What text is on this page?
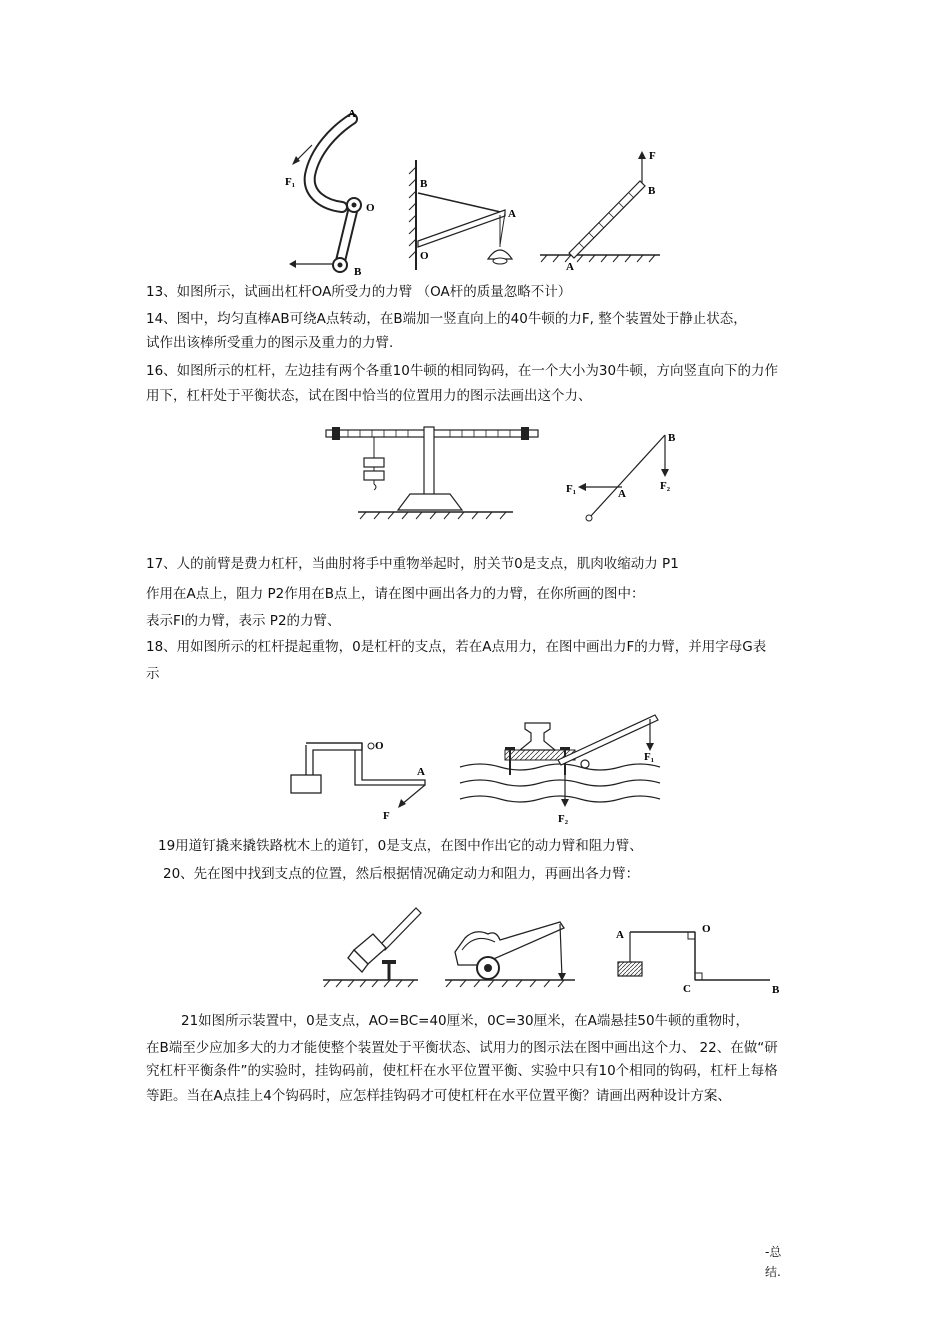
A
F₁
O
B
B
A
O
F
B
A
13、如图所示，试画出杠杆OA所受力的力臂 （OA杆的质量忽略不计）
14、图中，均匀直棒AB可绕A点转动，在B端加一竖直向上的40牛顿的力F, 整个装置处于静止状态，
试作出该棒所受重力的图示及重力的力臂.
16、如图所示的杠杆，左边挂有两个各重10牛顿的相同钩码，在一个大小为30牛顿，方向竖直向下的力作
用下，杠杆处于平衡状态，试在图中恰当的位置用力的图示法画出这个力、
B
F₂
F₁	A
17、人的前臂是费力杠杆，当曲肘将手中重物举起时，肘关节0是支点，肌肉收缩动力 P1
作用在A点上，阻力 P2作用在B点上，请在图中画出各力的力臂，在你所画的图中：
表示Fl的力臂，表示 P2的力臂、
18、用如图所示的杠杆提起重物，0是杠杆的支点，若在A点用力，在图中画出力F的力臂，并用字母G表
示
O
A
F
F₁
F₂
19用道钉撬来撬铁路枕木上的道钉，0是支点，在图中作出它的动力臂和阻力臂、
20、先在图中找到支点的位置，然后根据情况确定动力和阻力，再画出各力臂：
A	O
C	B
21如图所示装置中，0是支点，AO=BC=40厘米，0C=30厘米，在A端悬挂50牛顿的重物时，
在B端至少应加多大的力才能使整个装置处于平衡状态、试用力的图示法在图中画出这个力、 22、在做“研
究杠杆平衡条件”的实验时，挂钩码前，使杠杆在水平位置平衡、实验中只有10个相同的钩码，杠杆上每格
等距。当在A点挂上4个钩码时，应怎样挂钩码才可使杠杆在水平位置平衡？请画出两种设计方案、
-总
结.
